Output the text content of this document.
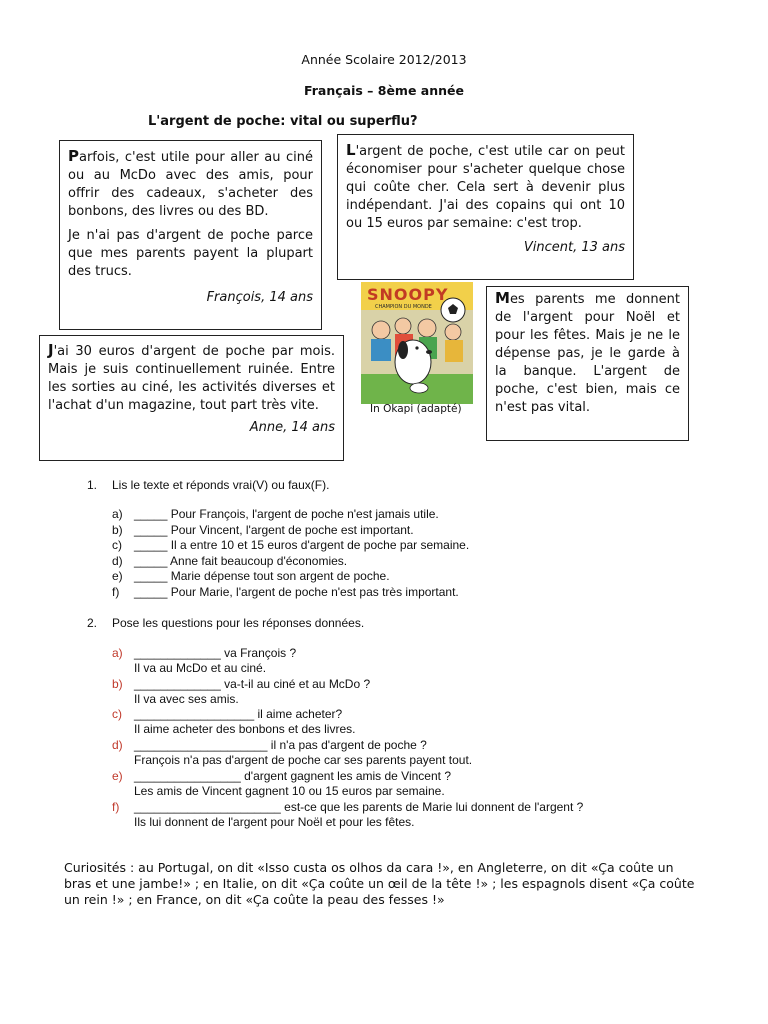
Année Scolaire 2012/2013
Français – 8ème année
L'argent de poche: vital ou superflu?

Parfois, c'est utile pour aller au ciné ou au McDo avec des amis, pour offrir des cadeaux, s'acheter des bonbons, des livres ou des BD.

Je n'ai pas d'argent de poche parce que mes parents payent la plupart des trucs.

François, 14 ans

L'argent de poche, c'est utile car on peut économiser pour s'acheter quelque chose qui coûte cher. Cela sert à devenir plus indépendant. J'ai des copains qui ont 10 ou 15 euros par semaine: c'est trop.

Vincent, 13 ans

SNOOPY
CHAMPION DU MONDE
In Okapi (adapté)

Mes parents me donnent de l'argent pour Noël et pour les fêtes. Mais je ne le dépense pas, je le garde à la banque. L'argent de poche, c'est bien, mais ce n'est pas vital.

J'ai 30 euros d'argent de poche par mois. Mais je suis continuellement ruinée. Entre les sorties au ciné, les activités diverses et l'achat d'un magazine, tout part très vite.

Anne, 14 ans

1. Lis le texte et réponds vrai(V) ou faux(F).
a) _____ Pour François, l'argent de poche n'est jamais utile.
b) _____ Pour Vincent, l'argent de poche est important.
c) _____ Il a entre 10 et 15 euros d'argent de poche par semaine.
d) _____ Anne fait beaucoup d'économies.
e) _____ Marie dépense tout son argent de poche.
f) _____ Pour Marie, l'argent de poche n'est pas très important.
2. Pose les questions pour les réponses données.
a) _____________ va François ?
Il va au McDo et au ciné.
b) _____________ va-t-il au ciné et au McDo ?
Il va avec ses amis.
c) __________________ il aime acheter?
Il aime acheter des bonbons et des livres.
d) ____________________ il n'a pas d'argent de poche ?
François n'a pas d'argent de poche car ses parents payent tout.
e) ________________ d'argent gagnent les amis de Vincent ?
Les amis de Vincent gagnent 10 ou 15 euros par semaine.
f) ______________________ est-ce que les parents de Marie lui donnent de l'argent ?
Ils lui donnent de l'argent pour Noël et pour les fêtes.
Curiosités : au Portugal, on dit «Isso custa os olhos da cara !», en Angleterre, on dit «Ça coûte un bras et une jambe!» ; en Italie, on dit «Ça coûte un œil de la tête !» ; les espagnols disent «Ça coûte un rein !» ; en France, on dit «Ça coûte la peau des fesses !»
